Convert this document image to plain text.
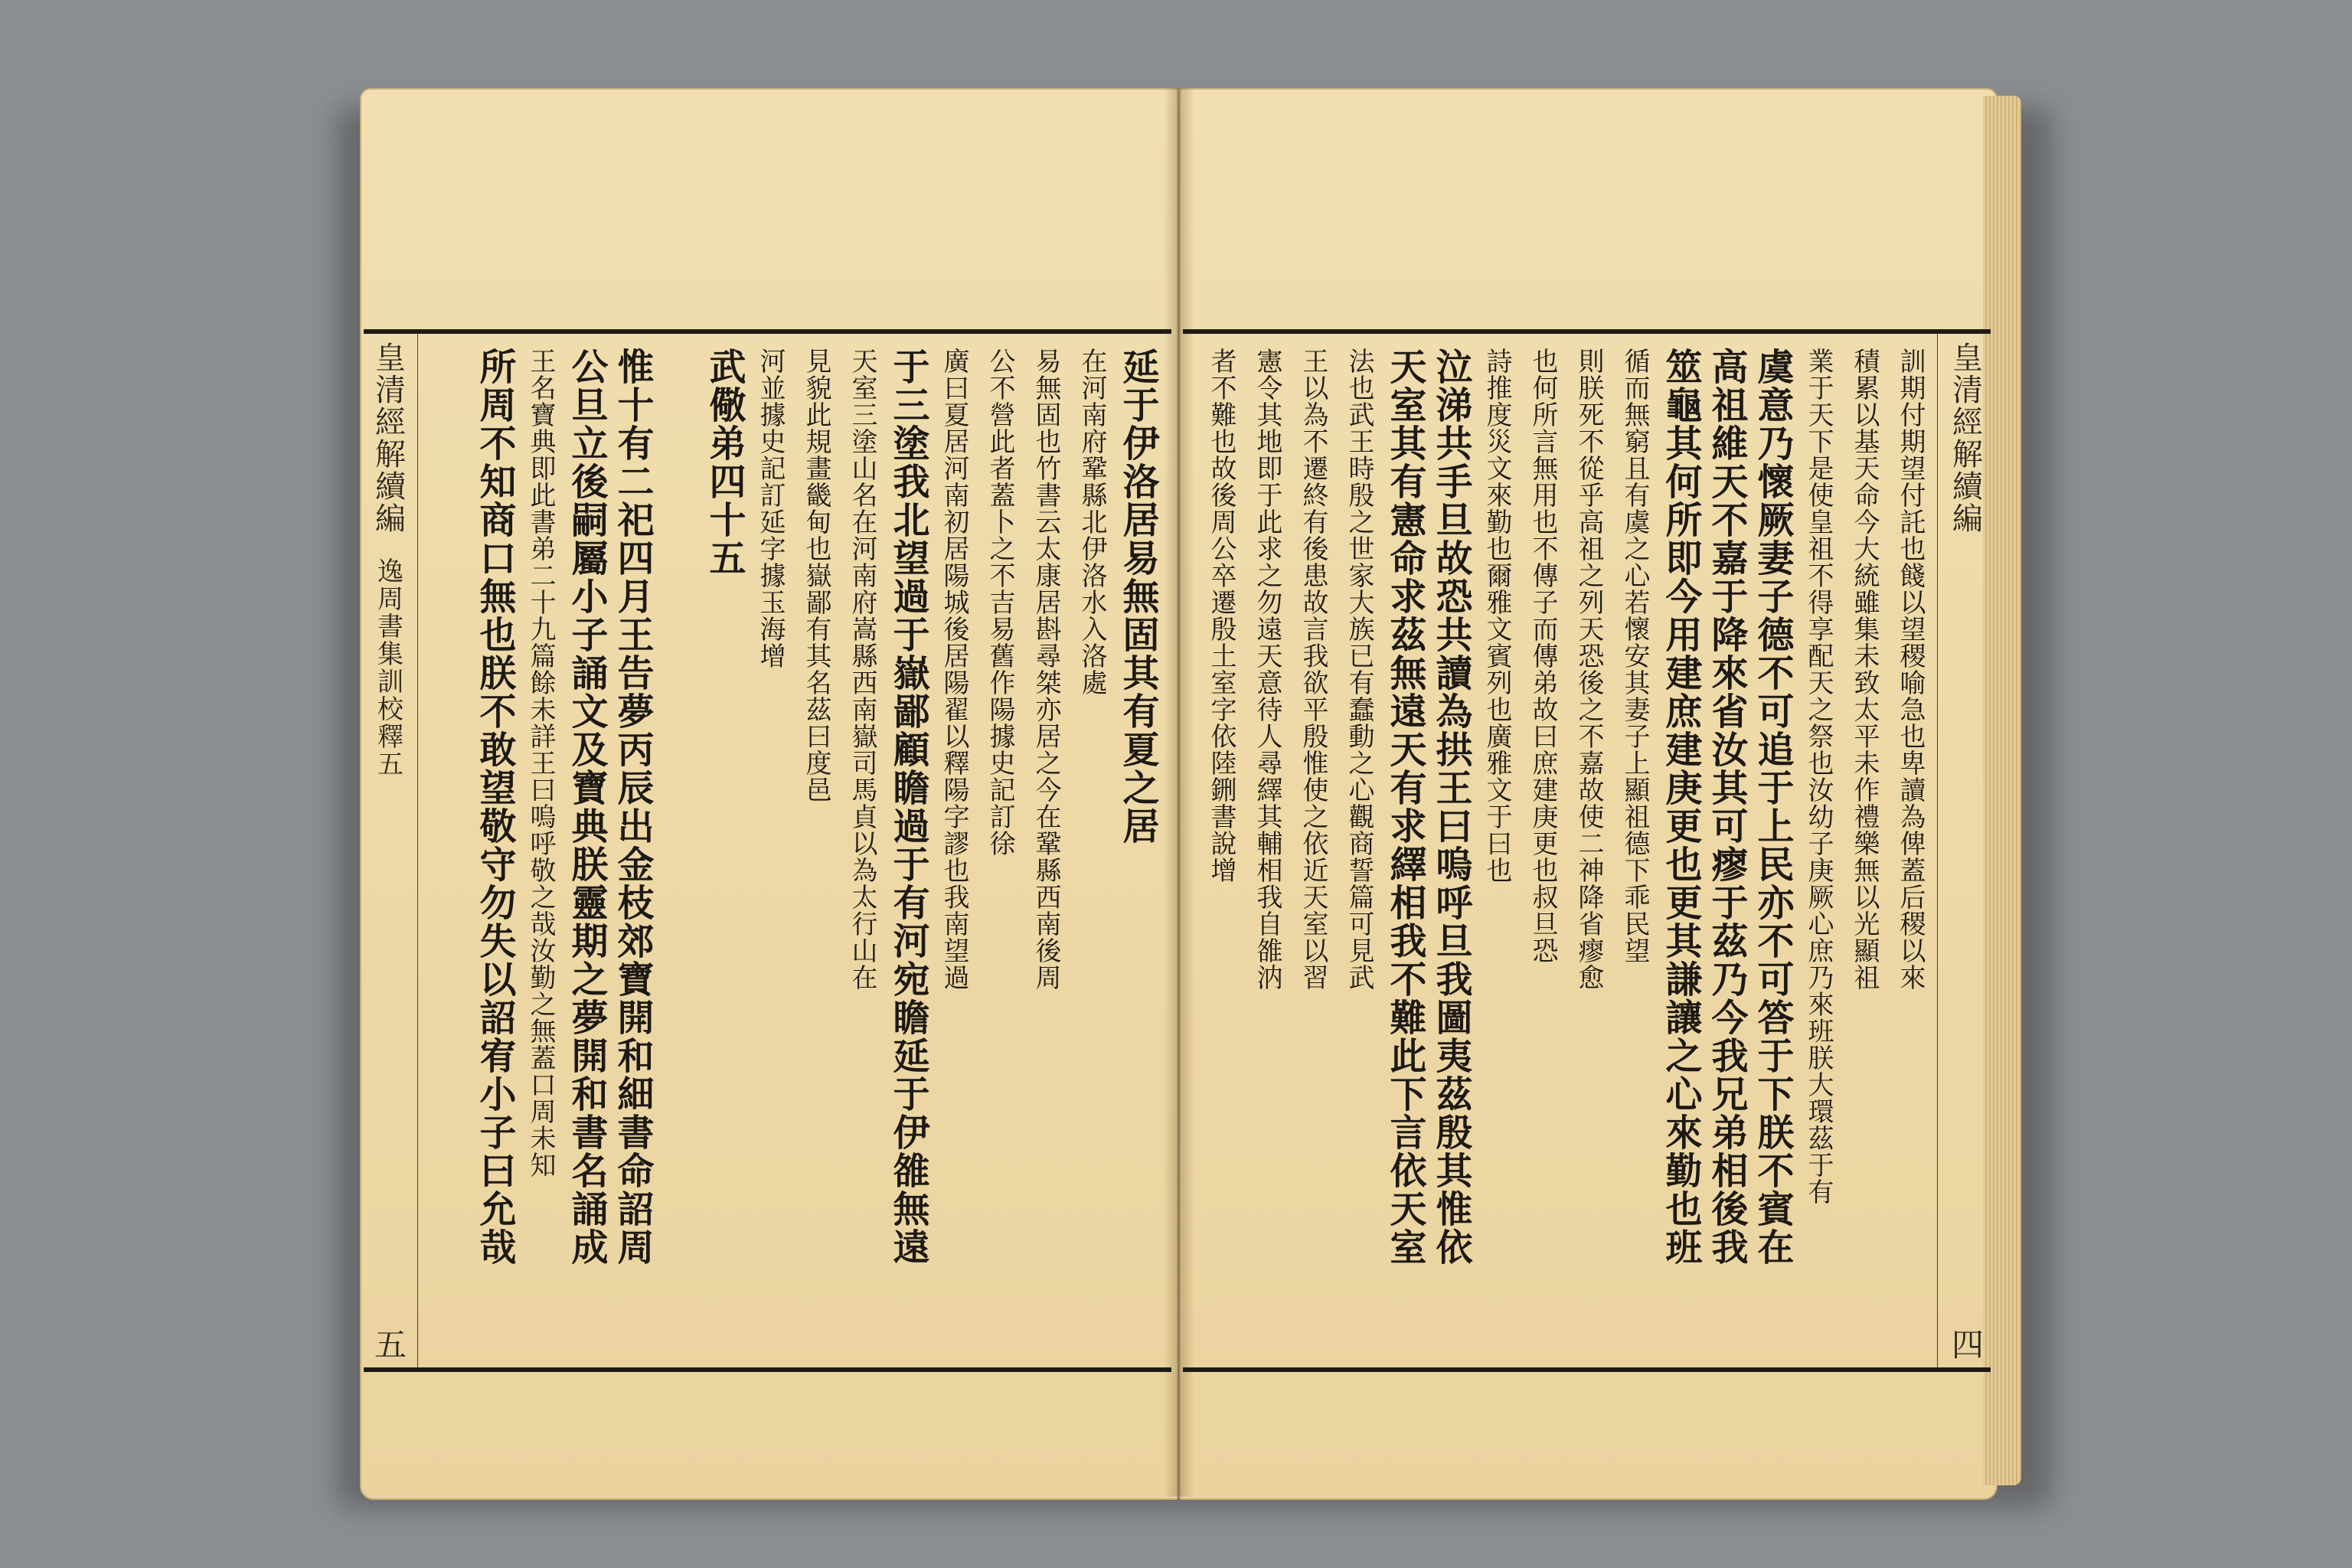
皇清經解續編
逸周書集訓校釋五
五
延于伊洛居易無固其有夏之居
在河南府鞏縣北伊洛水入洛處
易無固也竹書云太康居斟尋桀亦居之今在鞏縣西南後周
公不營此者蓋卜之不吉易舊作陽據史記訂徐
廣曰夏居河南初居陽城後居陽翟以釋陽字謬也我南望過
于三塗我北望過于嶽鄙顧瞻過于有河宛瞻延于伊雒無遠
天室三塗山名在河南府嵩縣西南嶽司馬貞以為太行山在
見貌此規畫畿甸也嶽鄙有其名茲曰度邑
河並據史記訂延字據玉海增
武儆弟四十五
惟十有二祀四月王告夢丙辰出金枝郊寶開和細書命詔周
公旦立後嗣屬小子誦文及寶典朕靈期之夢開和書名誦成
王名寶典即此書弟二十九篇餘未詳王曰嗚呼敬之哉汝勤之無蓋口周未知
所周不知商口無也朕不敢望敬守勿失以詔宥小子曰允哉	訓期付期望付託也餞以望稷喻急也卑讀為俾蓋后稷以來
積累以基天命今大統雖集未致太平未作禮樂無以光顯祖
業于天下是使皇祖不得享配天之祭也汝幼子庚厥心庶乃來班朕大環茲于有
虞意乃懷厥妻子德不可追于上民亦不可答于下朕不賓在
高祖維天不嘉于降來省汝其可瘳于茲乃今我兄弟相後我
筮龜其何所即今用建庶建庚更也更其謙讓之心來勤也班
循而無窮且有虞之心若懷安其妻子上顯祖德下乖民望
則朕死不從乎高祖之列天恐後之不嘉故使二神降省瘳愈
也何所言無用也不傳子而傳弟故曰庶建庚更也叔旦恐
詩推度災文來勤也爾雅文賓列也廣雅文于曰也
泣涕共手旦故恐共讀為拱王曰嗚呼旦我圖夷茲殷其惟依
天室其有憲命求茲無遠天有求繹相我不難此下言依天室
法也武王時殷之世家大族已有蠢動之心觀商誓篇可見武
王以為不遷終有後患故言我欲平殷惟使之依近天室以習
憲令其地即于此求之勿遠天意待人尋繹其輔相我自雒汭
者不難也故後周公卒遷殷土室字依陸鉶書說增	皇清經解續編
四
